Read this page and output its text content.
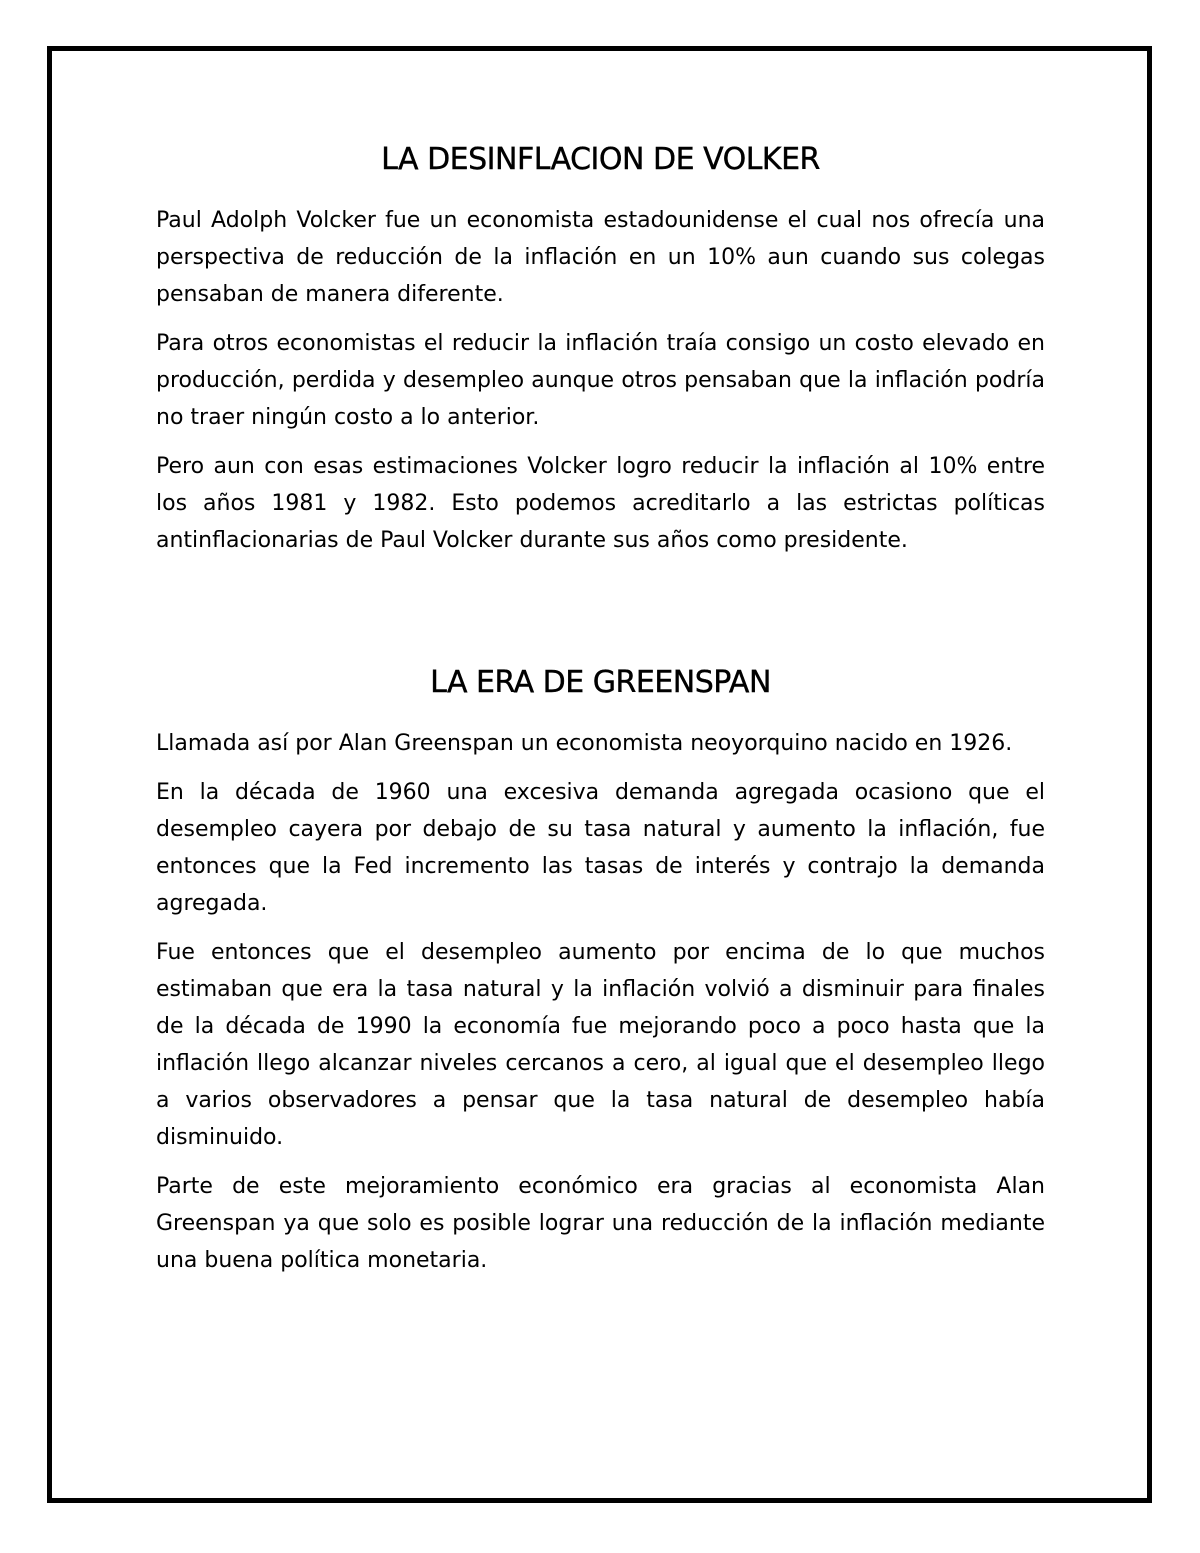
LA DESINFLACION DE VOLKER

Paul Adolph Volcker fue un economista estadounidense el cual nos ofrecía una perspectiva de reducción de la inflación en un 10% aun cuando sus colegas pensaban de manera diferente.

Para otros economistas el reducir la inflación traía consigo un costo elevado en producción, perdida y desempleo aunque otros pensaban que la inflación podría no traer ningún costo a lo anterior.

Pero aun con esas estimaciones Volcker logro reducir la inflación al 10% entre los años 1981 y 1982. Esto podemos acreditarlo a las estrictas políticas antinflacionarias de Paul Volcker durante sus años como presidente.

LA ERA DE GREENSPAN

Llamada así por Alan Greenspan un economista neoyorquino nacido en 1926.

En la década de 1960 una excesiva demanda agregada ocasiono que el desempleo cayera por debajo de su tasa natural y aumento la inflación, fue entonces que la Fed incremento las tasas de interés y contrajo la demanda agregada.

Fue entonces que el desempleo aumento por encima de lo que muchos estimaban que era la tasa natural y la inflación volvió a disminuir para finales de la década de 1990 la economía fue mejorando poco a poco hasta que la inflación llego alcanzar niveles cercanos a cero, al igual que el desempleo llego a varios observadores a pensar que la tasa natural de desempleo había disminuido.

Parte de este mejoramiento económico era gracias al economista Alan Greenspan ya que solo es posible lograr una reducción de la inflación mediante una buena política monetaria.
